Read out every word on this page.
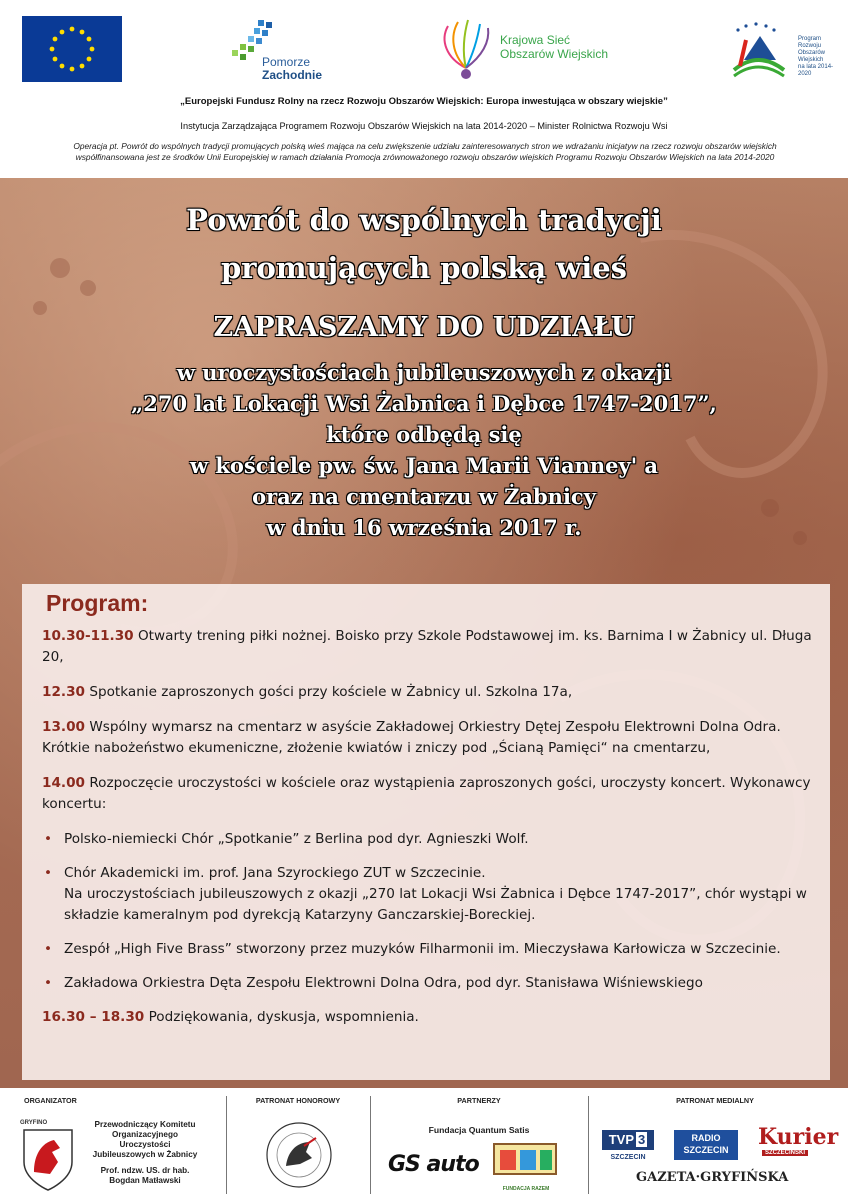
Pomorze
Zachodnie
Krajowa Sieć
Obszarów Wiejskich
Program
Rozwoju
Obszarów
Wiejskich
na lata 2014-2020
„Europejski Fundusz Rolny na rzecz Rozwoju Obszarów Wiejskich: Europa inwestująca w obszary wiejskie”
Instytucja Zarządzająca Programem Rozwoju Obszarów Wiejskich na lata 2014-2020 – Minister Rolnictwa Rozwoju Wsi
Operacja pt. Powrót do wspólnych tradycji promujących polską wieś mająca na celu zwiększenie udziału zainteresowanych stron we wdrażaniu inicjatyw na rzecz rozwoju obszarów wiejskich współfinansowana jest ze środków Unii Europejskiej w ramach działania Promocja zrównoważonego rozwoju obszarów wiejskich Programu Rozwoju Obszarów Wiejskich na lata 2014-2020
Powrót do wspólnych tradycji
promujących polską wieś
ZAPRASZAMY DO UDZIAŁU
w uroczystościach jubileuszowych z okazji
„270 lat Lokacji Wsi Żabnica i Dębce 1747-2017”,
które odbędą się
w kościele pw. św. Jana Marii Vianney' a
oraz na cmentarzu w Żabnicy
w dniu 16 września 2017 r.
Program:

10.30-11.30 Otwarty trening piłki nożnej. Boisko przy Szkole Podstawowej im. ks. Barnima I w Żabnicy ul. Długa 20,

12.30 Spotkanie zaproszonych gości przy kościele w Żabnicy ul. Szkolna 17a,

13.00 Wspólny wymarsz na cmentarz w asyście Zakładowej Orkiestry Dętej Zespołu Elektrowni Dolna Odra. Krótkie nabożeństwo ekumeniczne, złożenie kwiatów i zniczy pod „Ścianą Pamięci“ na cmentarzu,

14.00 Rozpoczęcie uroczystości w kościele oraz wystąpienia zaproszonych gości, uroczysty koncert. Wykonawcy koncertu:

• Polsko-niemiecki Chór „Spotkanie” z Berlina pod dyr. Agnieszki Wolf.
• Chór Akademicki im. prof. Jana Szyrockiego ZUT w Szczecinie.
Na uroczystościach jubileuszowych z okazji „270 lat Lokacji Wsi Żabnica i Dębce 1747-2017”, chór wystąpi w składzie kameralnym pod dyrekcją Katarzyny Ganczarskiej-Boreckiej.
• Zespół „High Five Brass” stworzony przez muzyków Filharmonii im. Mieczysława Karłowicza w Szczecinie.
• Zakładowa Orkiestra Dęta Zespołu Elektrowni Dolna Odra, pod dyr. Stanisława Wiśniewskiego

16.30 – 18.30 Podziękowania, dyskusja, wspomnienia.

ORGANIZATOR
GRYFINO	Przewodniczący Komitetu
Organizacyjnego Uroczystości
Jubileuszowych w Żabnicy
Prof. ndzw. US. dr hab.
Bogdan Matławski
PATRONAT HONOROWY	PARTNERZY
Fundacja Quantum Satis
GS auto
FUNDACJA RAZEM
PATRONAT MEDIALNY
TVP 3
SZCZECIN
RADIO
SZCZECIN	Kurier
SZCZECIŃSKI
GAZETA·GRYFIŃSKA
